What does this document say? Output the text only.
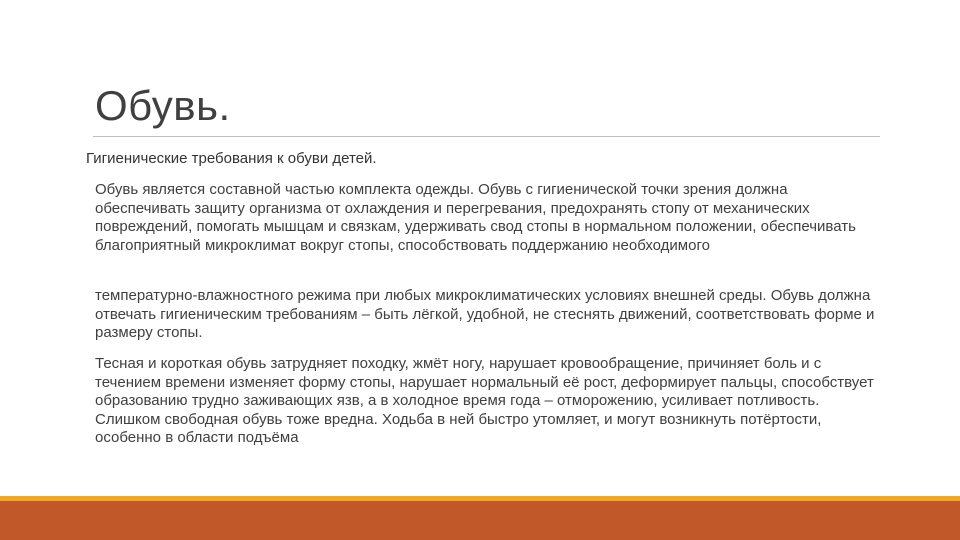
Обувь.

Гигиенические требования к обуви детей.

Обувь является составной частью комплекта одежды. Обувь с гигиенической точки зрения должна обеспечивать защиту организма от охлаждения и перегревания, предохранять стопу от механических повреждений, помогать мышцам и связкам, удерживать свод стопы в нормальном положении, обеспечивать благоприятный микроклимат вокруг стопы, способствовать поддержанию необходимого

температурно-влажностного режима при любых микроклиматических условиях внешней среды. Обувь должна отвечать гигиеническим требованиям – быть лёгкой, удобной, не стеснять движений, соответствовать форме и размеру стопы.

Тесная и короткая обувь затрудняет походку, жмёт ногу, нарушает кровообращение, причиняет боль и с течением времени изменяет форму стопы, нарушает нормальный её рост, деформирует пальцы, способствует образованию трудно заживающих язв, а в холодное время года – отморожению, усиливает потливость. Слишком свободная обувь тоже вредна. Ходьба в ней быстро утомляет, и могут возникнуть потёртости, особенно в области подъёма
